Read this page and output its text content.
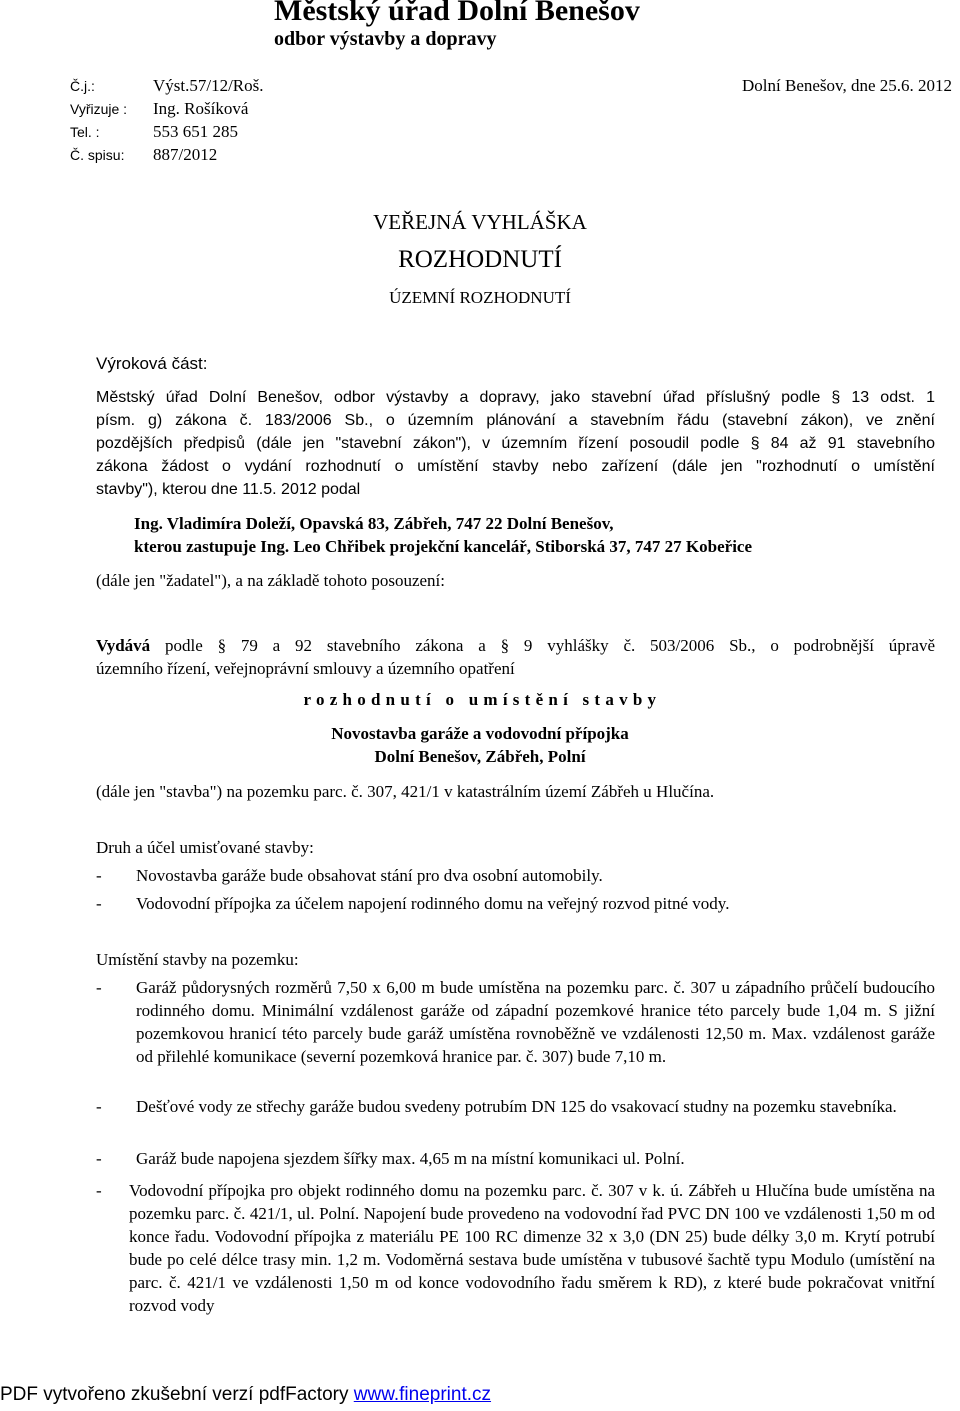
Městský úřad Dolní Benešov
odbor výstavby a dopravy
Č.j.:	Výst.57/12/Roš.
Vyřizuje : Ing. Rošíková
Tel. :	553 651 285
Č. spisu: 887/2012
Dolní Benešov, dne 25.6. 2012
VEŘEJNÁ VYHLÁŠKA
ROZHODNUTÍ
ÚZEMNÍ ROZHODNUTÍ
Výroková část:
Městský úřad Dolní Benešov, odbor výstavby a dopravy, jako stavební úřad příslušný podle § 13 odst. 1
písm. g) zákona č. 183/2006 Sb., o územním plánování a stavebním řádu (stavební zákon), ve znění
pozdějších předpisů (dále jen "stavební zákon"), v územním řízení posoudil podle § 84 až 91 stavebního
zákona žádost o vydání rozhodnutí o umístění stavby nebo zařízení (dále jen "rozhodnutí o umístění
stavby"), kterou dne 11.5. 2012 podal
Ing. Vladimíra Doleží, Opavská 83, Zábřeh, 747 22 Dolní Benešov,
kterou zastupuje Ing. Leo Chřibek projekční kancelář, Stiborská 37, 747 27 Kobeřice
(dále jen "žadatel"), a na základě tohoto posouzení:
Vydává podle § 79 a 92 stavebního zákona a § 9 vyhlášky č. 503/2006 Sb., o podrobnější úpravě
územního řízení, veřejnoprávní smlouvy a územního opatření
r o z h o d n u t í   o   u m í s t ě n í   s t a v b y
Novostavba garáže a vodovodní přípojka
Dolní Benešov, Zábřeh, Polní
(dále jen "stavba") na pozemku parc. č. 307, 421/1 v katastrálním území Zábřeh u Hlučína.
Druh a účel umisťované stavby:
- Novostavba garáže bude obsahovat stání pro dva osobní automobily.
- Vodovodní přípojka za účelem napojení rodinného domu na veřejný rozvod pitné vody.
Umístění stavby na pozemku:
- Garáž půdorysných rozměrů 7,50 x 6,00 m bude umístěna na pozemku parc. č. 307 u západního průčelí budoucího rodinného domu. Minimální vzdálenost garáže od západní pozemkové hranice této parcely bude 1,04 m. S jižní pozemkovou hranicí této parcely bude garáž umístěna rovnoběžně ve vzdálenosti 12,50 m. Max. vzdálenost garáže od přilehlé komunikace (severní pozemková hranice par. č. 307) bude 7,10 m.
- Dešťové vody ze střechy garáže budou svedeny potrubím DN 125 do vsakovací studny na pozemku stavebníka.
- Garáž bude napojena sjezdem šířky max. 4,65 m na místní komunikaci ul. Polní.
- Vodovodní přípojka pro objekt rodinného domu na pozemku parc. č. 307 v k. ú. Zábřeh u Hlučína bude umístěna na pozemku parc. č. 421/1, ul. Polní. Napojení bude provedeno na vodovodní řad PVC DN 100 ve vzdálenosti 1,50 m od konce řadu. Vodovodní přípojka z materiálu PE 100 RC dimenze 32 x 3,0 (DN 25) bude délky 3,0 m. Krytí potrubí bude po celé délce trasy min. 1,2 m. Vodoměrná sestava bude umístěna v tubusové šachtě typu Modulo (umístění na parc. č. 421/1 ve vzdálenosti 1,50 m od konce vodovodního řadu směrem k RD), z které bude pokračovat vnitřní rozvod vody
PDF vytvořeno zkušební verzí pdfFactory www.fineprint.cz
